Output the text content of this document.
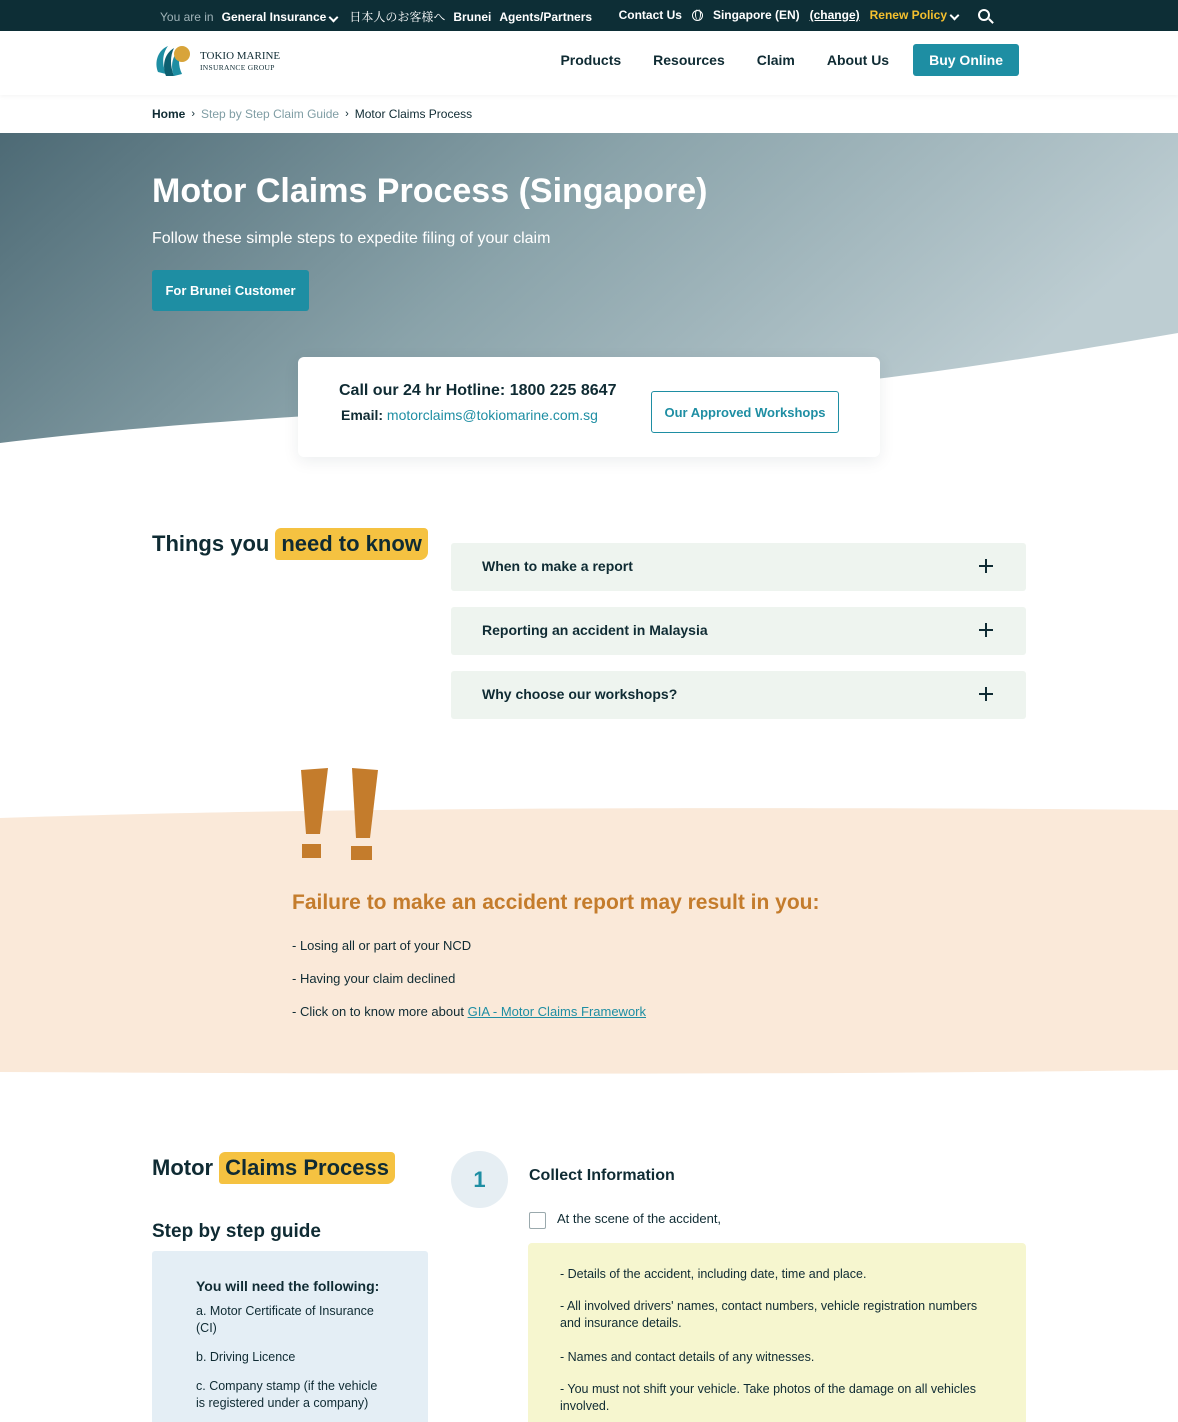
You are in General Insurance	日本人のお客様へ Brunei Agents/Partners Contact Us	Singapore (EN) (change) Renew Policy
TOKIO MARINE
INSURANCE GROUP	Products Resources Claim About Us	Buy Online
Home › Step by Step Claim Guide › Motor Claims Process
Motor Claims Process (Singapore)
Follow these simple steps to expedite filing of your claim
For Brunei Customer
Call our 24 hr Hotline: 1800 225 8647
Email: motorclaims@tokiomarine.com.sg	Our Approved Workshops
Things you need to know
When to make a report
Reporting an accident in Malaysia
Why choose our workshops?
Failure to make an accident report may result in you:
- Losing all or part of your NCD
- Having your claim declined
- Click on to know more about GIA - Motor Claims Framework
Motor Claims Process
Step by step guide
You will need the following:
a. Motor Certificate of Insurance (CI)
b. Driving Licence
c. Company stamp (if the vehicle is registered under a company)
1	Collect Information
At the scene of the accident,
- Details of the accident, including date, time and place.
- All involved drivers' names, contact numbers, vehicle registration numbers and insurance details.
- Names and contact details of any witnesses.
- You must not shift your vehicle. Take photos of the damage on all vehicles involved.
